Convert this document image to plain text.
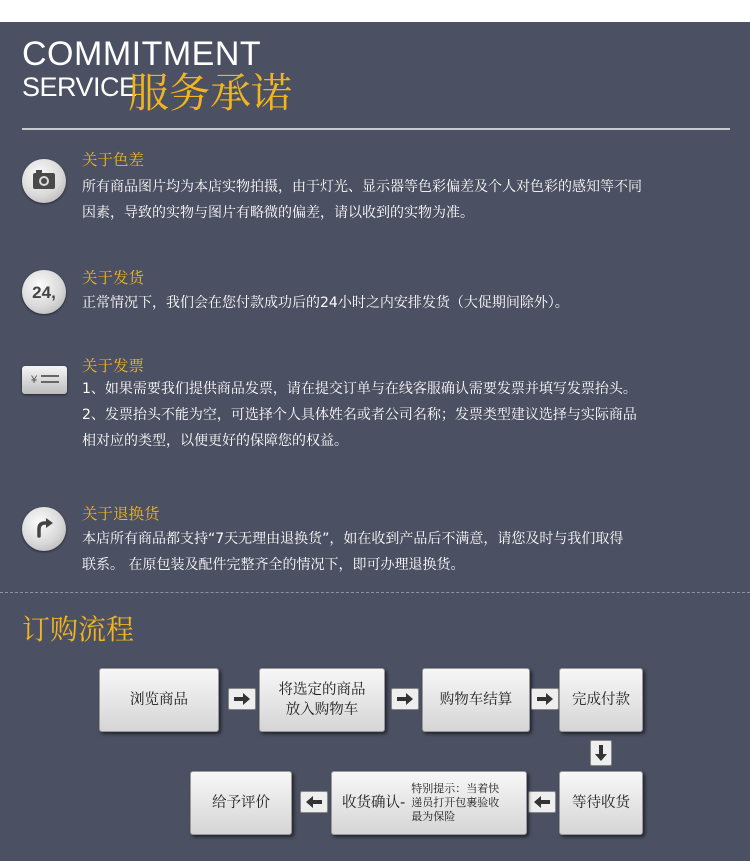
COMMITMENT
SERVICE
服务承诺
关于色差
所有商品图片均为本店实物拍摄，由于灯光、显示器等色彩偏差及个人对色彩的感知等不同
因素，导致的实物与图片有略微的偏差，请以收到的实物为准。
24,
关于发货
正常情况下，我们会在您付款成功后的24小时之内安排发货（大促期间除外）。
¥
关于发票
1、如果需要我们提供商品发票，请在提交订单与在线客服确认需要发票并填写发票抬头。
2、发票抬头不能为空，可选择个人具体姓名或者公司名称；发票类型建议选择与实际商品
相对应的类型，以便更好的保障您的权益。
关于退换货
本店所有商品都支持“7天无理由退换货”，如在收到产品后不满意，请您及时与我们取得
联系。 在原包装及配件完整齐全的情况下，即可办理退换货。
订购流程
浏览商品
将选定的商品
放入购物车
购物车结算	完成付款
等待收货
收货确认-
特别提示：当着快
递员打开包裹验收
最为保险
给予评价
